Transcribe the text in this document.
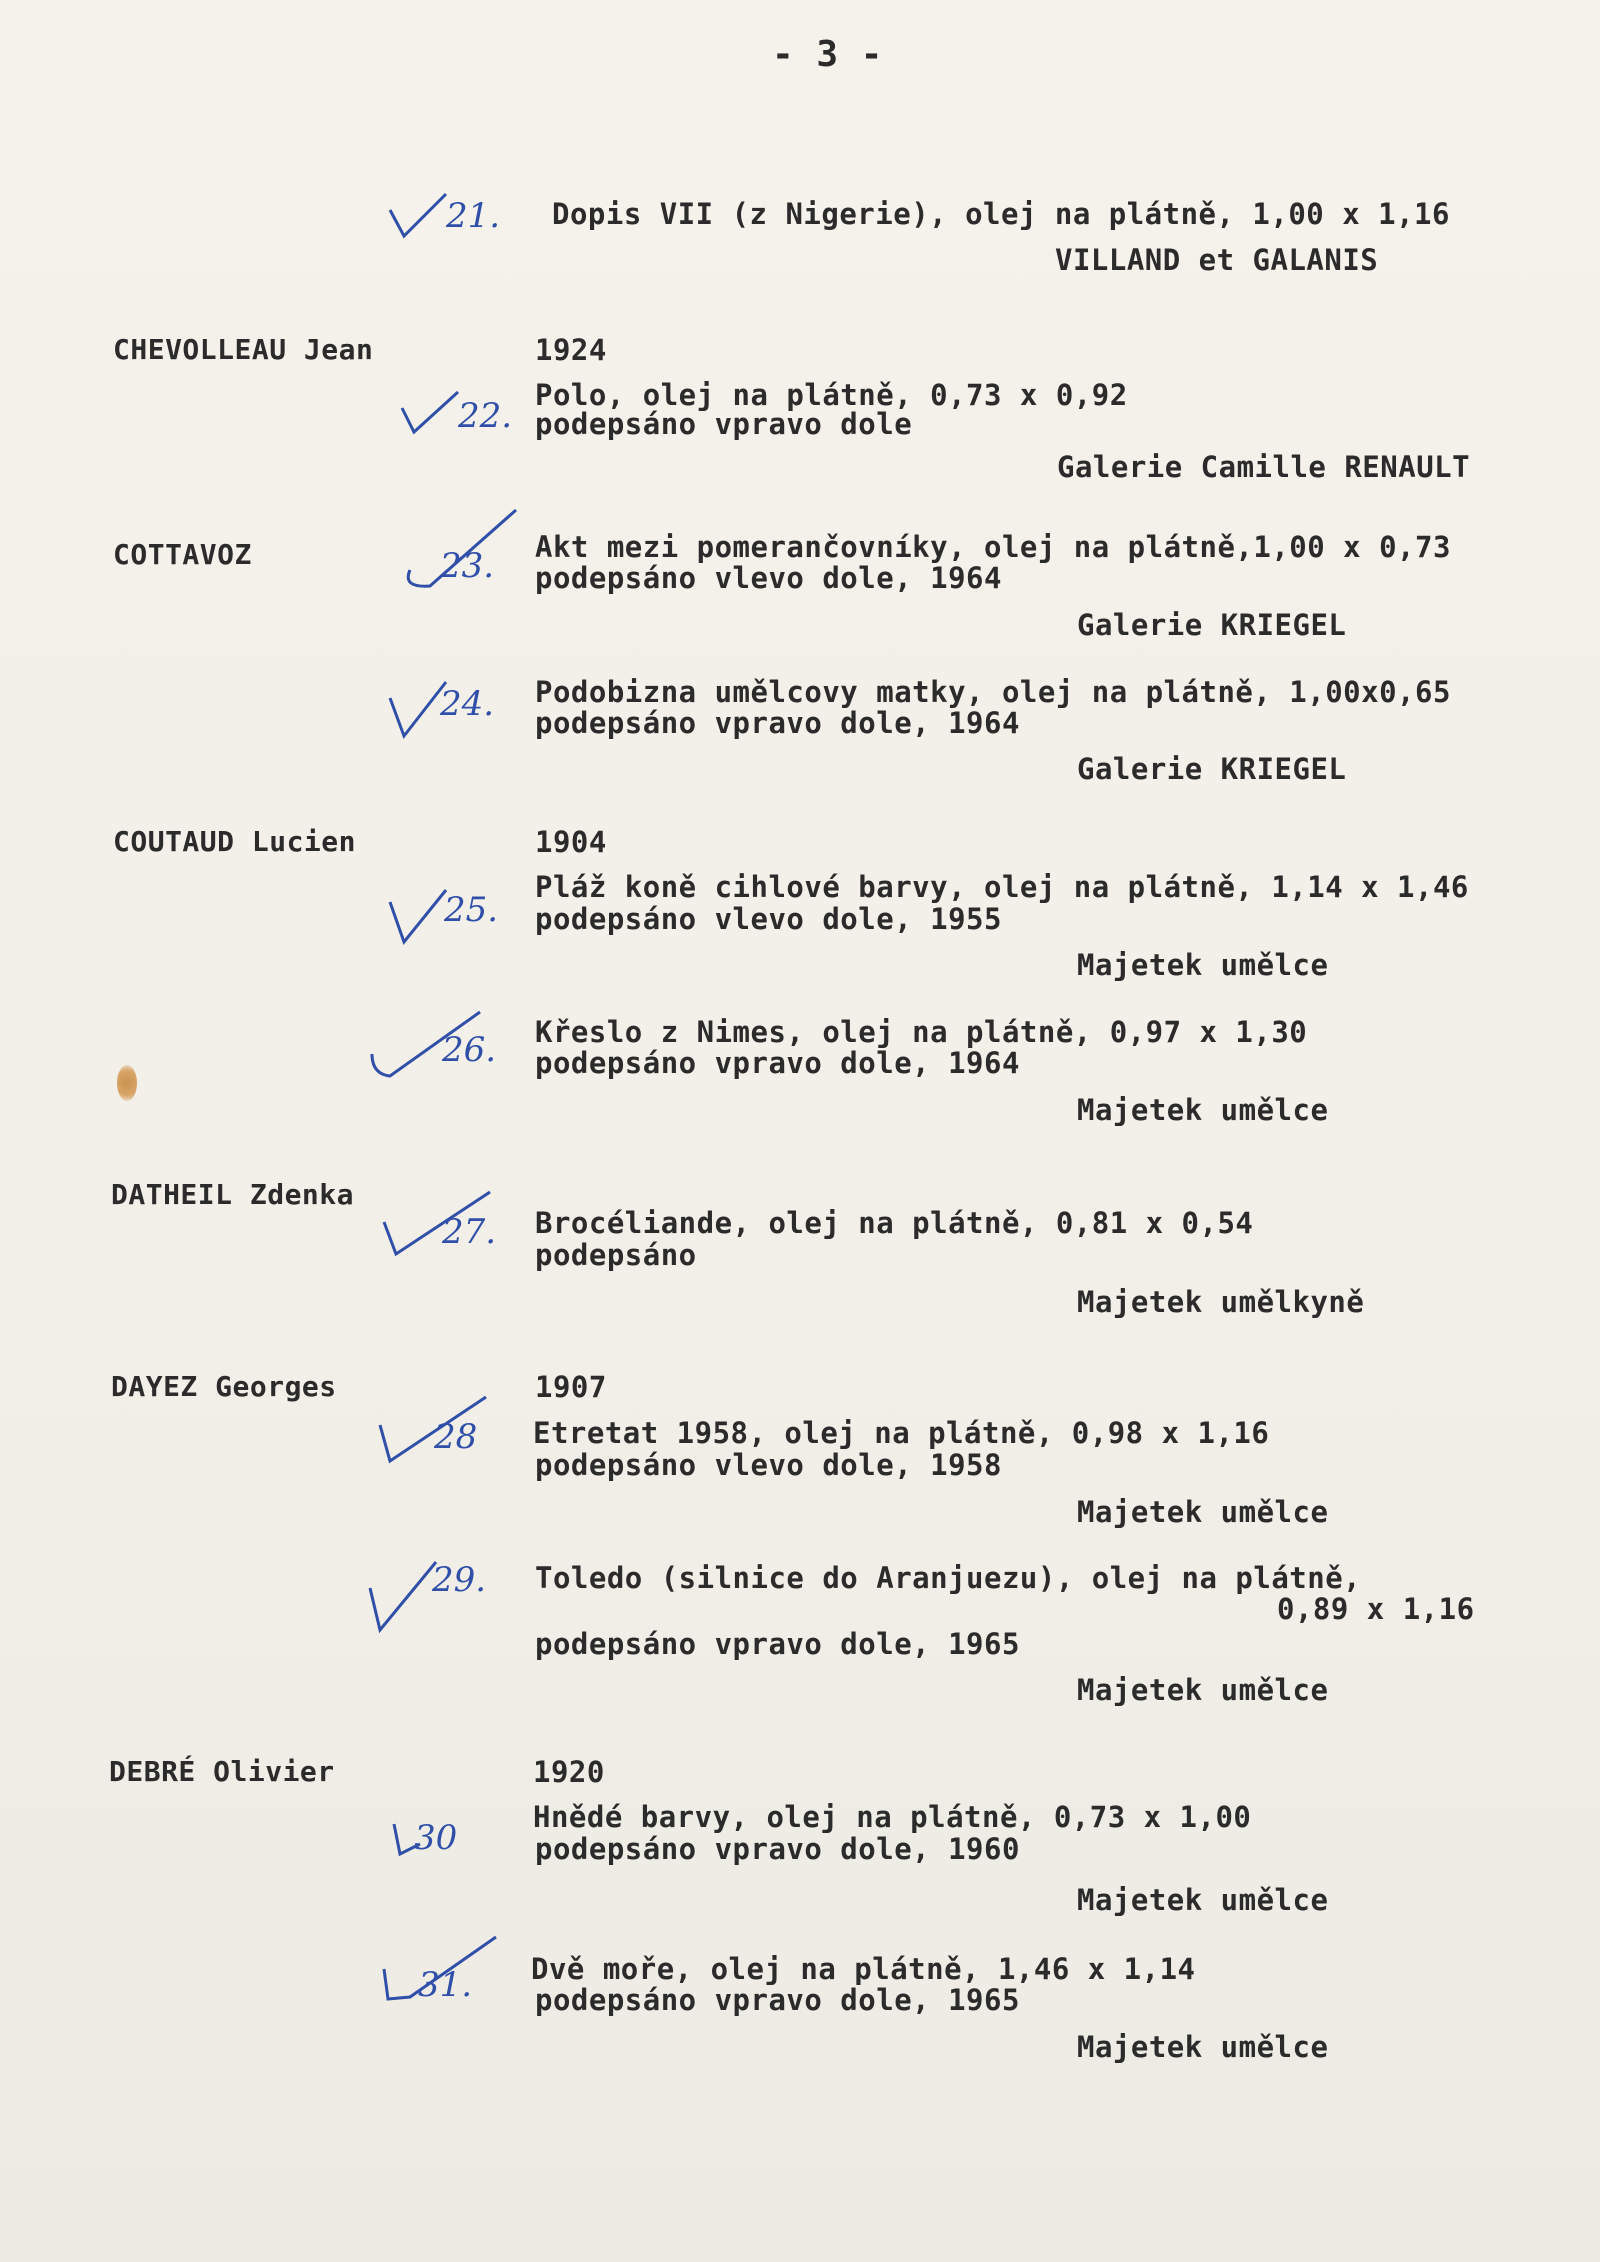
- 3 -
21. Dopis VII (z Nigerie), olej na plátně, 1,00 x 1,16
VILLAND et GALANIS
CHEVOLLEAU Jean	1924
22.
Polo, olej na plátně, 0,73 x 0,92
podepsáno vpravo dole
Galerie Camille RENAULT
COTTAVOZ	23. Akt mezi pomerančovníky, olej na plátně,1,00 x 0,73
podepsáno vlevo dole, 1964
Galerie KRIEGEL
24. Podobizna umělcovy matky, olej na plátně, 1,00x0,65
podepsáno vpravo dole, 1964
Galerie KRIEGEL
COUTAUD Lucien	1904
25.
Pláž koně cihlové barvy, olej na plátně, 1,14 x 1,46
podepsáno vlevo dole, 1955
Majetek umělce
26. Křeslo z Nimes, olej na plátně, 0,97 x 1,30
podepsáno vpravo dole, 1964
Majetek umělce
DATHEIL Zdenka
27. Brocéliande, olej na plátně, 0,81 x 0,54
podepsáno
Majetek umělkyně
DAYEZ Georges	1907
28 Etretat 1958, olej na plátně, 0,98 x 1,16
podepsáno vlevo dole, 1958
Majetek umělce
29. Toledo (silnice do Aranjuezu), olej na plátně,
0,89 x 1,16
podepsáno vpravo dole, 1965
Majetek umělce
DEBRÉ Olivier	1920
30
Hnědé barvy, olej na plátně, 0,73 x 1,00
podepsáno vpravo dole, 1960
Majetek umělce
31. Dvě moře, olej na plátně, 1,46 x 1,14
podepsáno vpravo dole, 1965
Majetek umělce
